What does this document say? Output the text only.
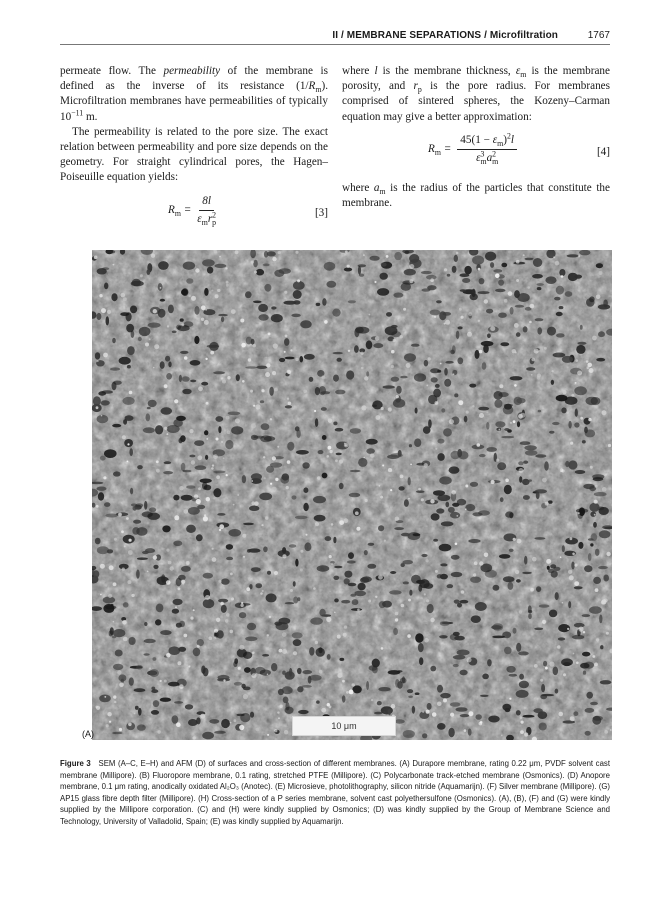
II / MEMBRANE SEPARATIONS / Microfiltration	1767

permeate flow. The permeability of the membrane is defined as the inverse of its resistance $(1/R_m)$. Microfiltration membranes have permeabilities of typically $10^{-11}$ m.

The permeability is related to the pore size. The exact relation between permeability and pore size depends on the geometry. For straight cylindrical pores, the Hagen–Poiseuille equation yields:

$R_m = \frac{8l}{\varepsilon_mr^2_p}$	[3]

where l is the membrane thickness, $\varepsilon_m$ is the membrane porosity, and $r_p$ is the pore radius. For membranes comprised of sintered spheres, the Kozeny–Carman equation may give a better approximation:

$R_m = \frac{45(1 - \varepsilon_m)^2l}{\varepsilon^3_ma^2_m}$	[4]

where $a_m$ is the radius of the particles that constitute the membrane.

10 μm
(A)
Figure 3 SEM (A–C, E–H) and AFM (D) of surfaces and cross-section of different membranes. (A) Durapore membrane, rating 0.22 μm, PVDF solvent cast membrane (Millipore). (B) Fluoropore membrane, 0.1 rating, stretched PTFE (Millipore). (C) Polycarbonate track-etched membrane (Osmonics). (D) Anopore membrane, 0.1 μm rating, anodically oxidated Al₂O₃ (Anotec). (E) Microsieve, photolithography, silicon nitride (Aquamarijn). (F) Silver membrane (Millipore). (G) AP15 glass fibre depth filter (Millipore). (H) Cross-section of a P series membrane, solvent cast polyethersulfone (Osmonics). (A), (B), (F) and (G) were kindly supplied by the Millipore corporation. (C) and (H) were kindly supplied by Osmonics; (D) was kindly supplied by the Group of Membrane Science and Technology, University of Valladolid, Spain; (E) was kindly supplied by Aquamarijn.
